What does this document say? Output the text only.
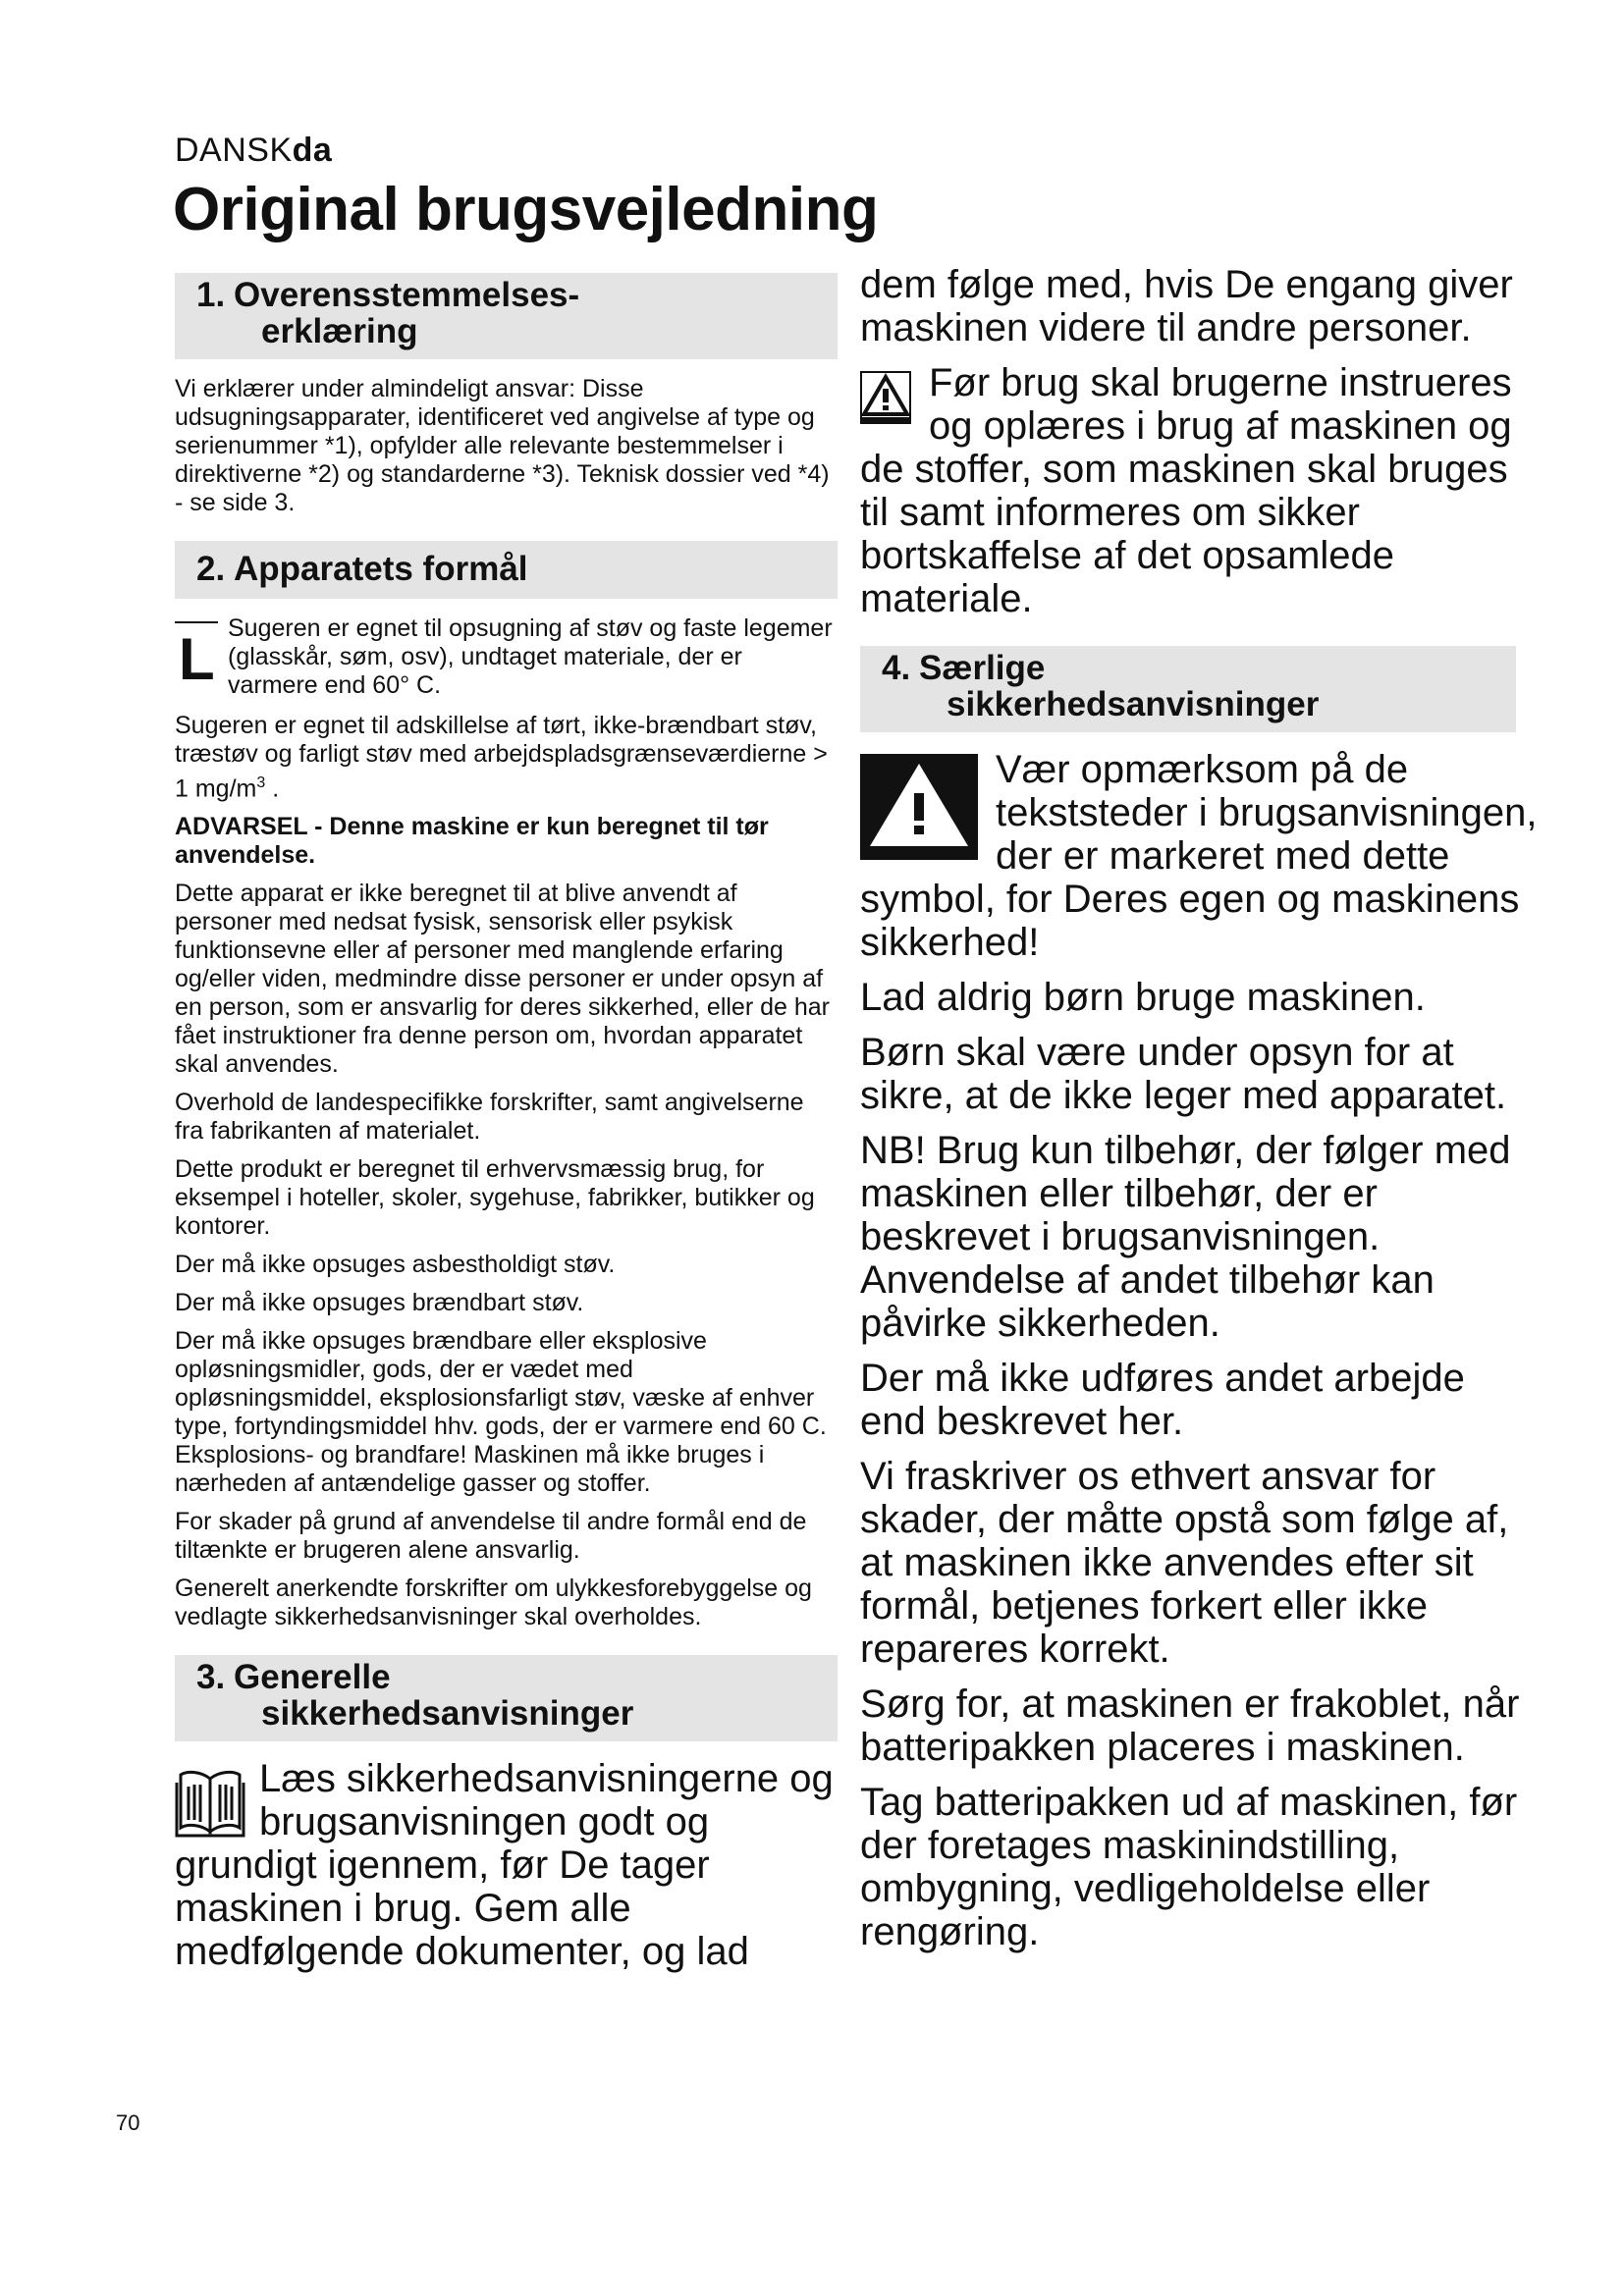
DANSKda
Original brugsvejledning
1. Overensstemmelses-
erklæring

Vi erklærer under almindeligt ansvar: Disse udsugningsapparater, identificeret ved angivelse af type og serienummer *1), opfylder alle relevante bestemmelser i direktiverne *2) og standarderne *3). Teknisk dossier ved *4) - se side 3.

2. Apparatets formål
L Sugeren er egnet til opsugning af støv og faste legemer (glasskår, søm, osv), undtaget materiale, der er varmere end 60° C.

Sugeren er egnet til adskillelse af tørt, ikke-brændbart støv, træstøv og farligt støv med arbejdspladsgrænseværdierne > 1 $mg/m^3$ .

ADVARSEL - Denne maskine er kun beregnet til tør anvendelse.

Dette apparat er ikke beregnet til at blive anvendt af personer med nedsat fysisk, sensorisk eller psykisk funktionsevne eller af personer med manglende erfaring og/eller viden, medmindre disse personer er under opsyn af en person, som er ansvarlig for deres sikkerhed, eller de har fået instruktioner fra denne person om, hvordan apparatet skal anvendes.

Overhold de landespecifikke forskrifter, samt angivelserne fra fabrikanten af materialet.

Dette produkt er beregnet til erhvervsmæssig brug, for eksempel i hoteller, skoler, sygehuse, fabrikker, butikker og kontorer.

Der må ikke opsuges asbestholdigt støv.

Der må ikke opsuges brændbart støv.

Der må ikke opsuges brændbare eller eksplosive opløsningsmidler, gods, der er vædet med opløsningsmiddel, eksplosionsfarligt støv, væske af enhver type, fortyndingsmiddel hhv. gods, der er varmere end 60 C. Eksplosions- og brandfare! Maskinen må ikke bruges i nærheden af antændelige gasser og stoffer.

For skader på grund af anvendelse til andre formål end de tiltænkte er brugeren alene ansvarlig.

Generelt anerkendte forskrifter om ulykkesforebyggelse og vedlagte sikkerhedsanvisninger skal overholdes.

3. Generelle
sikkerhedsanvisninger

Læs sikkerhedsanvisningerne og brugsanvisningen godt og grundigt igennem, før De tager maskinen i brug. Gem alle medfølgende dokumenter, og lad

dem følge med, hvis De engang giver maskinen videre til andre personer.

Før brug skal brugerne instrueres og oplæres i brug af maskinen og de stoffer, som maskinen skal bruges til samt informeres om sikker bortskaffelse af det opsamlede materiale.

4. Særlige
sikkerhedsanvisninger

Vær opmærksom på de tekststeder i brugsanvisningen, der er markeret med dette symbol, for Deres egen og maskinens sikkerhed!

Lad aldrig børn bruge maskinen.

Børn skal være under opsyn for at sikre, at de ikke leger med apparatet.

NB! Brug kun tilbehør, der følger med maskinen eller tilbehør, der er beskrevet i brugsanvisningen. Anvendelse af andet tilbehør kan påvirke sikkerheden.

Der må ikke udføres andet arbejde end beskrevet her.

Vi fraskriver os ethvert ansvar for skader, der måtte opstå som følge af, at maskinen ikke anvendes efter sit formål, betjenes forkert eller ikke repareres korrekt.

Sørg for, at maskinen er frakoblet, når batteripakken placeres i maskinen.

Tag batteripakken ud af maskinen, før der foretages maskinindstilling, ombygning, vedligeholdelse eller rengøring.

70
